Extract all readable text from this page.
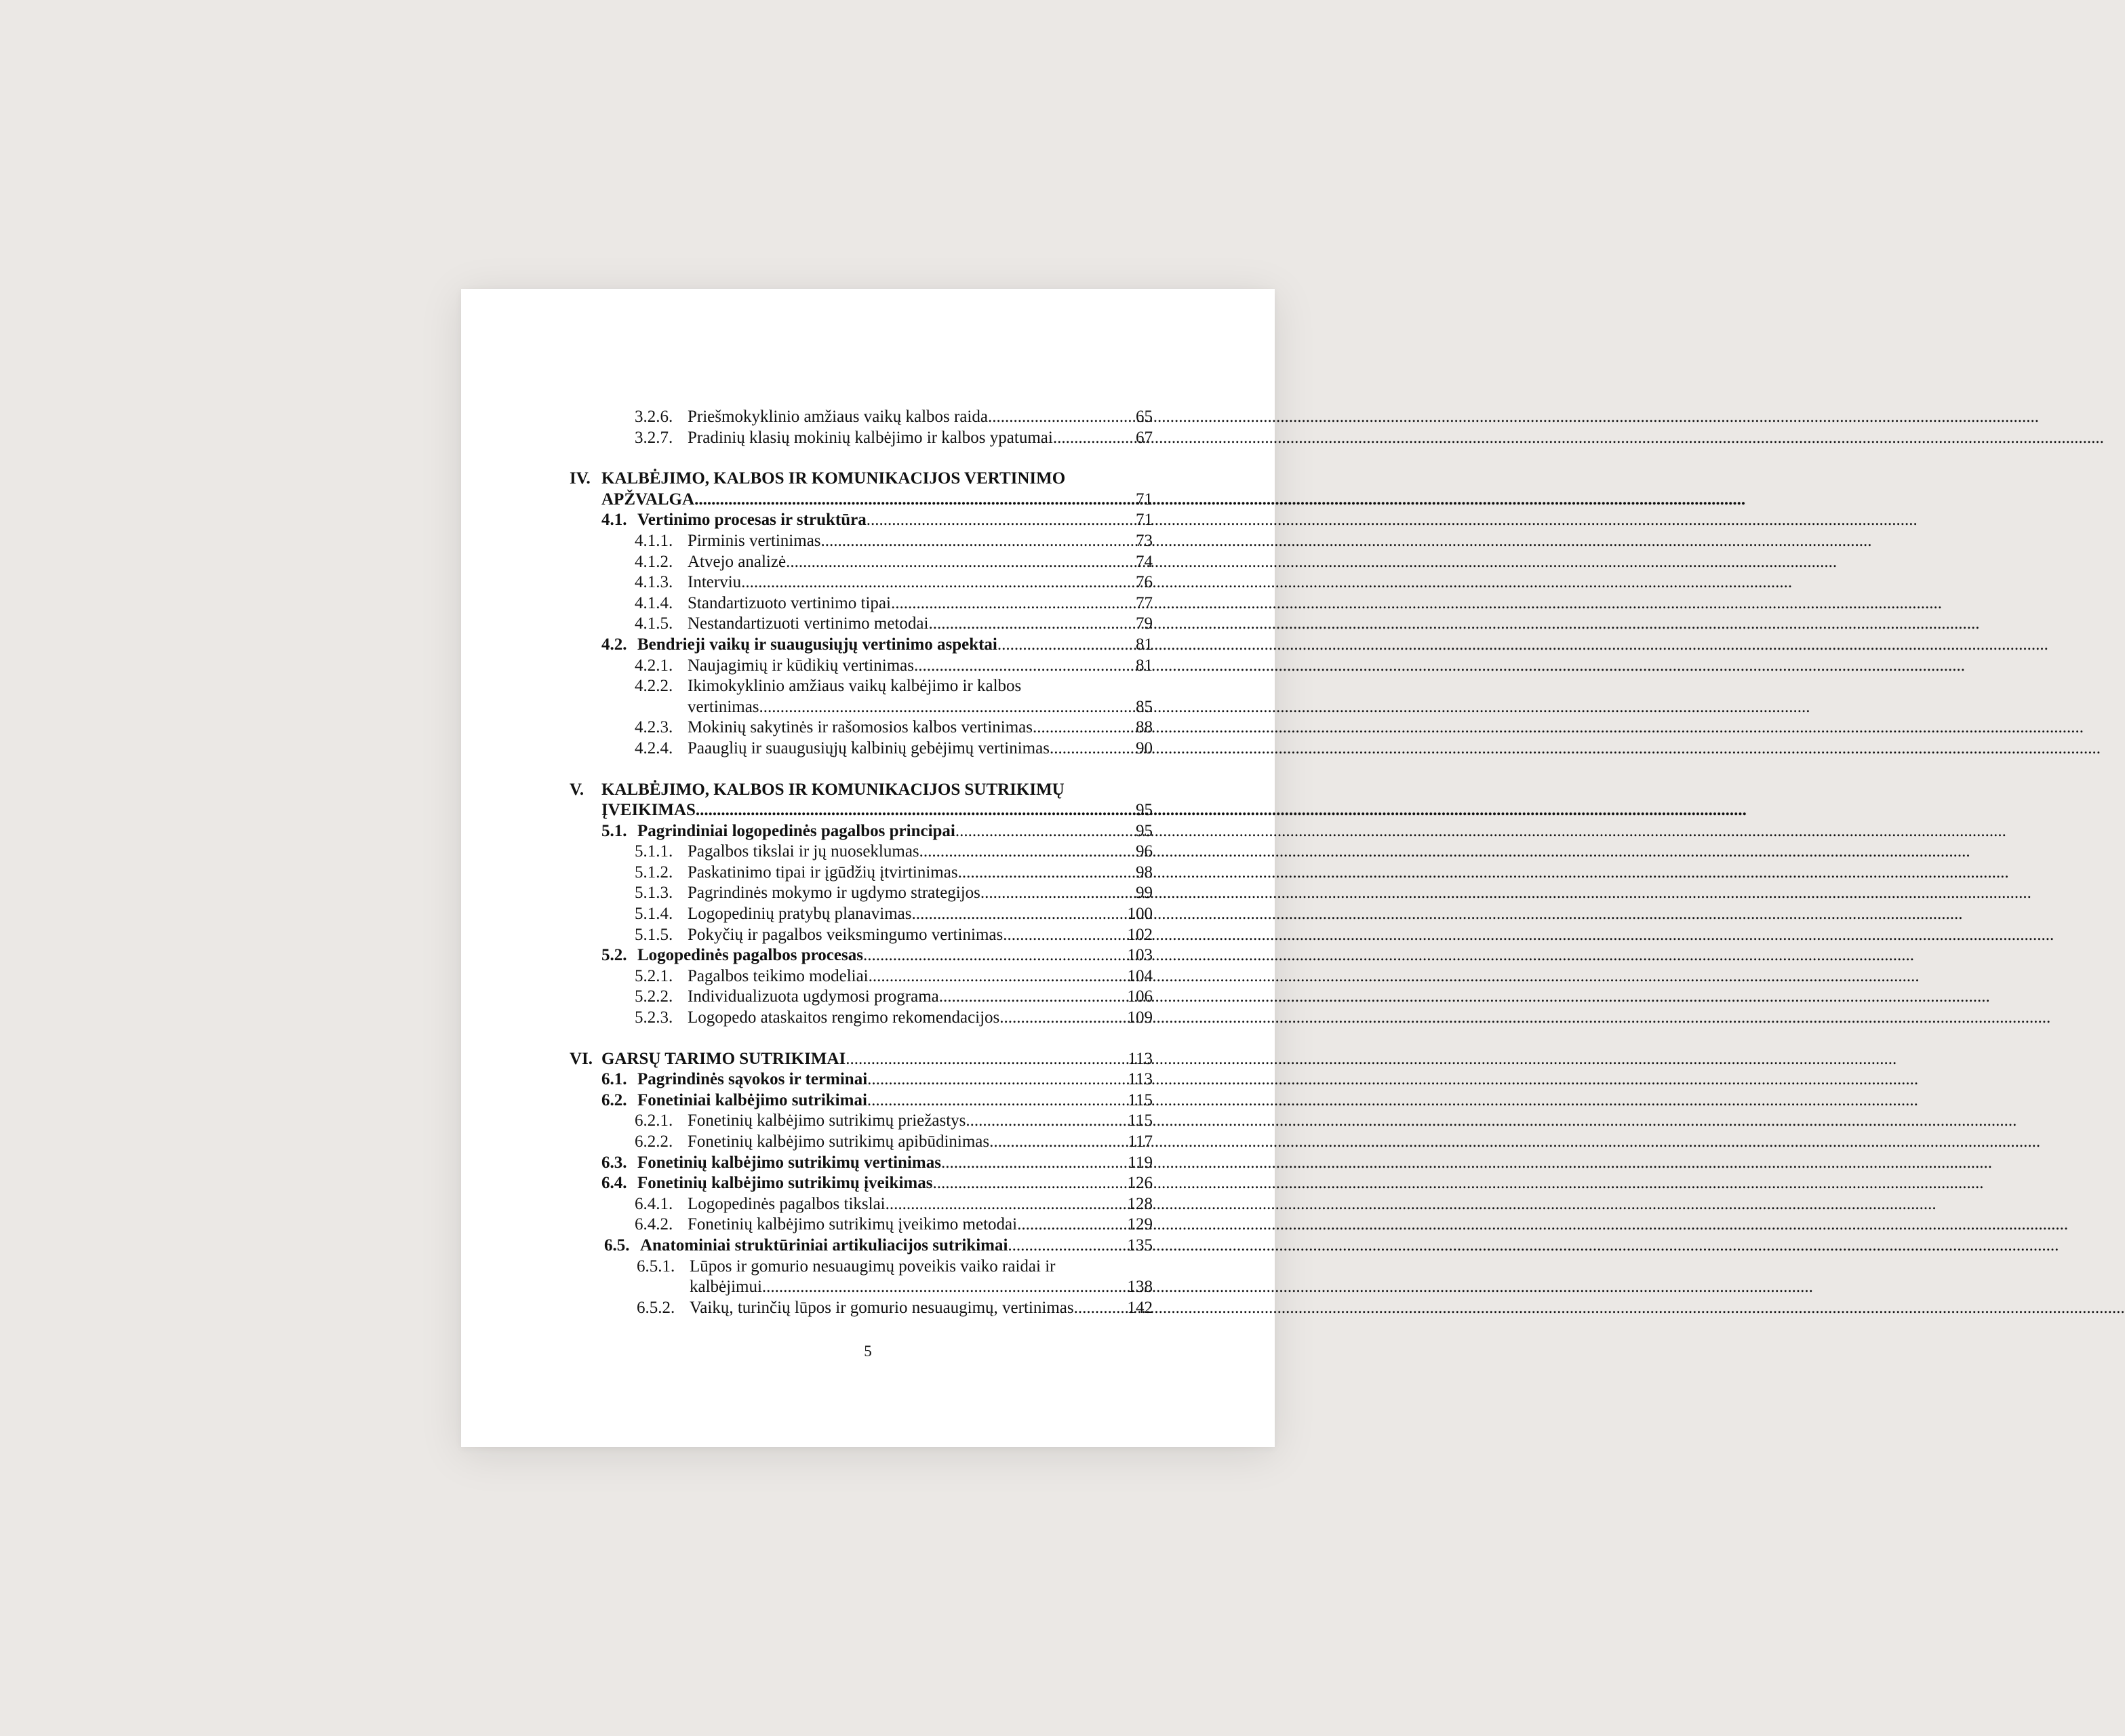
3.2.6. Priešmokyklinio amžiaus vaikų kalbos raida .....	65
3.2.7. Pradinių klasių mokinių kalbėjimo ir kalbos ypatumai .....	67
IV. KALBĖJIMO, KALBOS IR KOMUNIKACIJOS VERTINIMO
APŽVALGA .....	71
4.1. Vertinimo procesas ir struktūra .....	71
4.1.1. Pirminis vertinimas .....	73
4.1.2. Atvejo analizė .....	74
4.1.3. Interviu .....	76
4.1.4. Standartizuoto vertinimo tipai .....	77
4.1.5. Nestandartizuoti vertinimo metodai .....	79
4.2. Bendrieji vaikų ir suaugusiųjų vertinimo aspektai .....	81
4.2.1. Naujagimių ir kūdikių vertinimas .....	81
4.2.2. Ikimokyklinio amžiaus vaikų kalbėjimo ir kalbos
vertinimas .....	85
4.2.3. Mokinių sakytinės ir rašomosios kalbos vertinimas .....	88
4.2.4. Paauglių ir suaugusiųjų kalbinių gebėjimų vertinimas .....	90
V.	KALBĖJIMO, KALBOS IR KOMUNIKACIJOS SUTRIKIMŲ
ĮVEIKIMAS .....	95
5.1. Pagrindiniai logopedinės pagalbos principai .....	95
5.1.1. Pagalbos tikslai ir jų nuoseklumas .....	96
5.1.2. Paskatinimo tipai ir įgūdžių įtvirtinimas .....	98
5.1.3. Pagrindinės mokymo ir ugdymo strategijos .....	99
5.1.4. Logopedinių pratybų planavimas .....	100
5.1.5. Pokyčių ir pagalbos veiksmingumo vertinimas .....	102
5.2. Logopedinės pagalbos procesas .....	103
5.2.1. Pagalbos teikimo modeliai .....	104
5.2.2. Individualizuota ugdymosi programa .....	106
5.2.3. Logopedo ataskaitos rengimo rekomendacijos .....	109
VI. GARSŲ TARIMO SUTRIKIMAI .....	113
6.1. Pagrindinės sąvokos ir terminai .....	113
6.2. Fonetiniai kalbėjimo sutrikimai .....	115
6.2.1. Fonetinių kalbėjimo sutrikimų priežastys .....	115
6.2.2. Fonetinių kalbėjimo sutrikimų apibūdinimas .....	117
6.3. Fonetinių kalbėjimo sutrikimų vertinimas .....	119
6.4. Fonetinių kalbėjimo sutrikimų įveikimas .....	126
6.4.1. Logopedinės pagalbos tikslai .....	128
6.4.2. Fonetinių kalbėjimo sutrikimų įveikimo metodai .....	129
6.5. Anatominiai struktūriniai artikuliacijos sutrikimai .....	135
6.5.1. Lūpos ir gomurio nesuaugimų poveikis vaiko raidai ir
kalbėjimui .....	138
6.5.2. Vaikų, turinčių lūpos ir gomurio nesuaugimų, vertinimas .....	142
5
